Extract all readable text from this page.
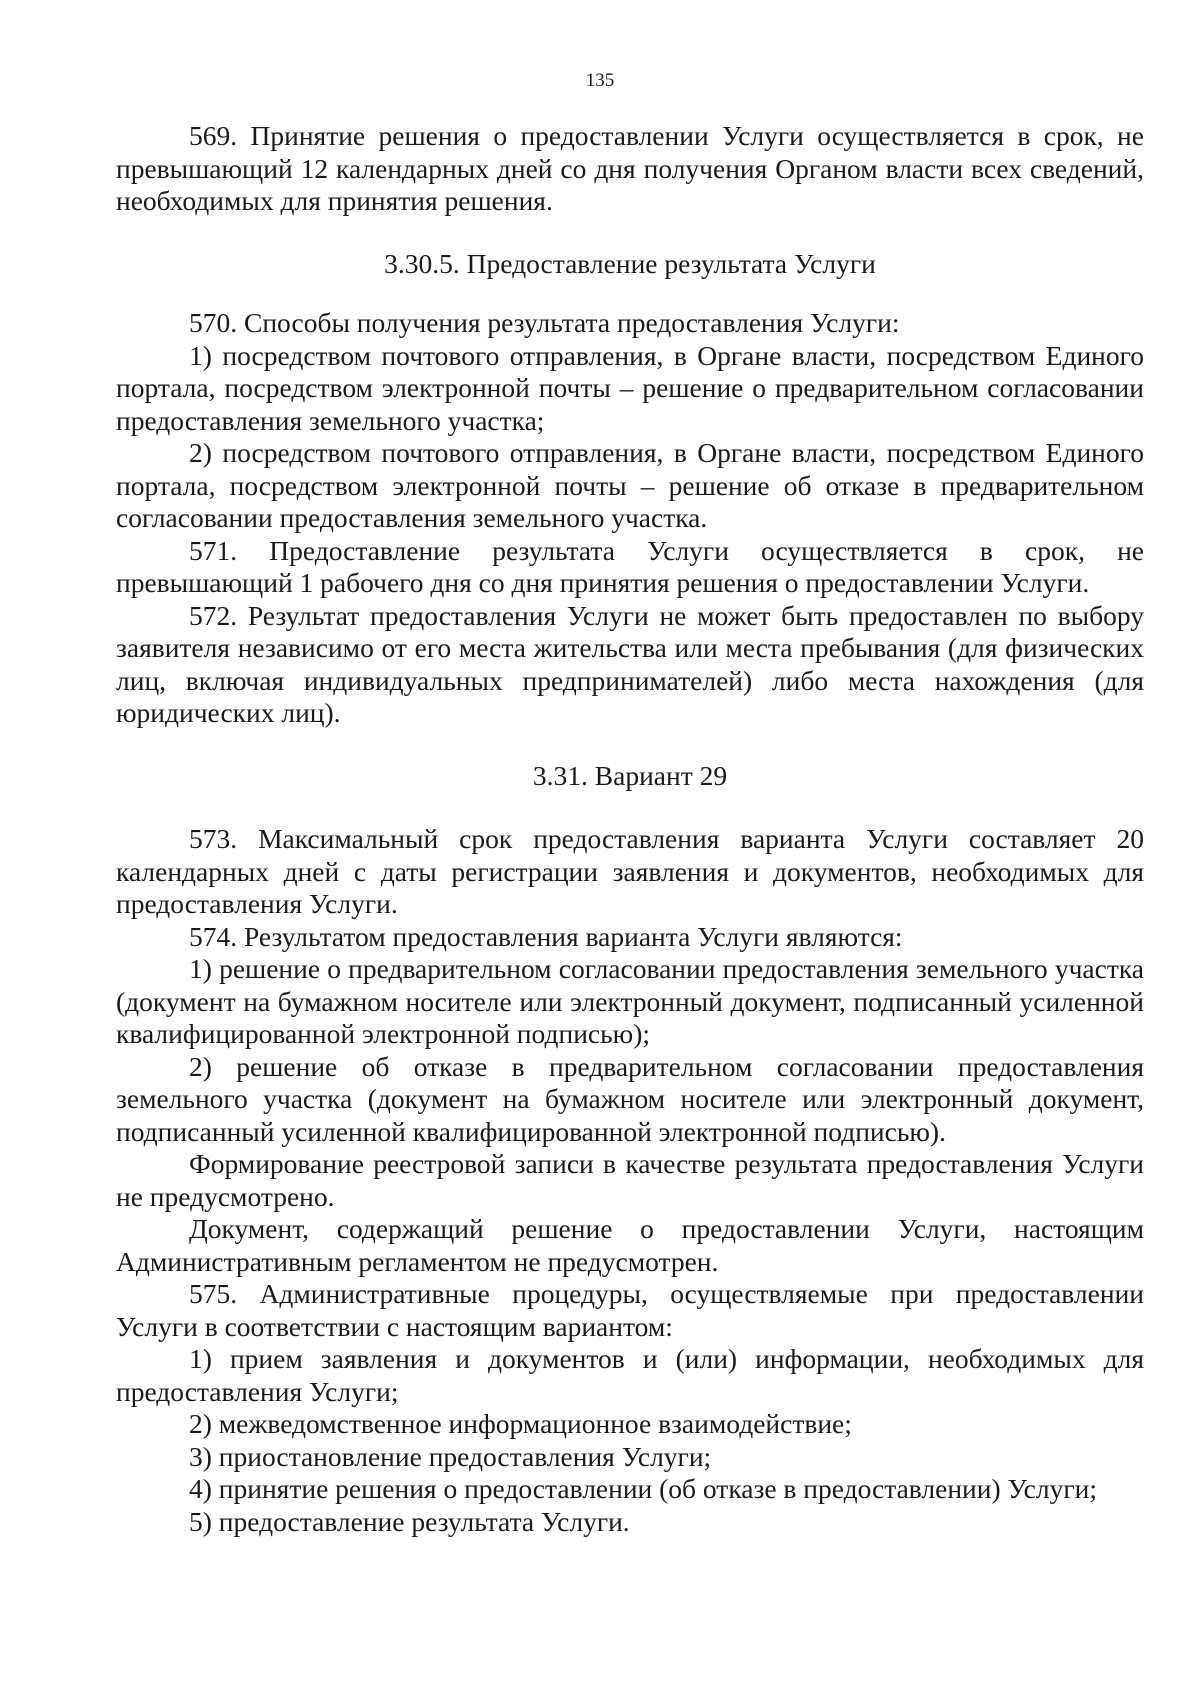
135

569. Принятие решения о предоставлении Услуги осуществляется в срок, не превышающий 12 календарных дней со дня получения Органом власти всех сведений, необходимых для принятия решения.

3.30.5. Предоставление результата Услуги

570. Способы получения результата предоставления Услуги:

1) посредством почтового отправления, в Органе власти, посредством Единого портала, посредством электронной почты – решение о предварительном согласовании предоставления земельного участка;

2) посредством почтового отправления, в Органе власти, посредством Единого портала, посредством электронной почты – решение об отказе в предварительном согласовании предоставления земельного участка.

571. Предоставление результата Услуги осуществляется в срок, не превышающий 1 рабочего дня со дня принятия решения о предоставлении Услуги.

572. Результат предоставления Услуги не может быть предоставлен по выбору заявителя независимо от его места жительства или места пребывания (для физических лиц, включая индивидуальных предпринимателей) либо места нахождения (для юридических лиц).

3.31. Вариант 29

573. Максимальный срок предоставления варианта Услуги составляет 20 календарных дней с даты регистрации заявления и документов, необходимых для предоставления Услуги.

574. Результатом предоставления варианта Услуги являются:

1) решение о предварительном согласовании предоставления земельного участка (документ на бумажном носителе или электронный документ, подписанный усиленной квалифицированной электронной подписью);

2) решение об отказе в предварительном согласовании предоставления земельного участка (документ на бумажном носителе или электронный документ, подписанный усиленной квалифицированной электронной подписью).

Формирование реестровой записи в качестве результата предоставления Услуги не предусмотрено.

Документ, содержащий решение о предоставлении Услуги, настоящим Административным регламентом не предусмотрен.

575. Административные процедуры, осуществляемые при предоставлении Услуги в соответствии с настоящим вариантом:

1) прием заявления и документов и (или) информации, необходимых для предоставления Услуги;

2) межведомственное информационное взаимодействие;

3) приостановление предоставления Услуги;

4) принятие решения о предоставлении (об отказе в предоставлении) Услуги;

5) предоставление результата Услуги.
